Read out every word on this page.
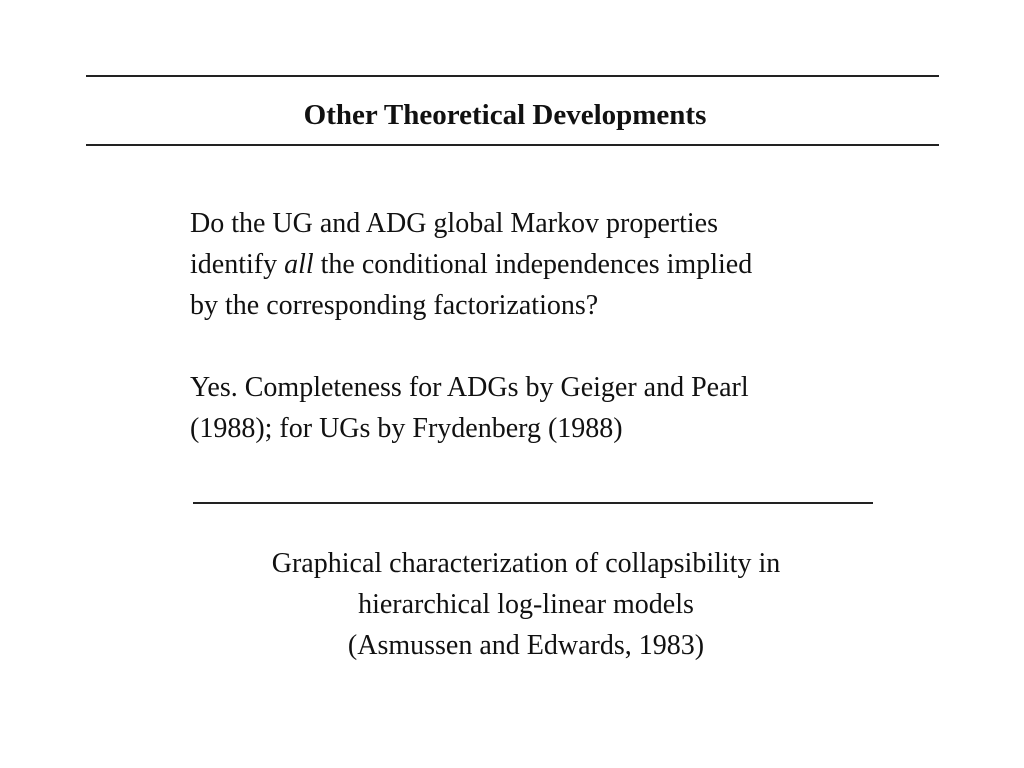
Other Theoretical Developments
Do the UG and ADG global Markov properties
identify all the conditional independences implied
by the corresponding factorizations?
Yes. Completeness for ADGs by Geiger and Pearl
(1988); for UGs by Frydenberg (1988)
Graphical characterization of collapsibility in
hierarchical log-linear models
(Asmussen and Edwards, 1983)
